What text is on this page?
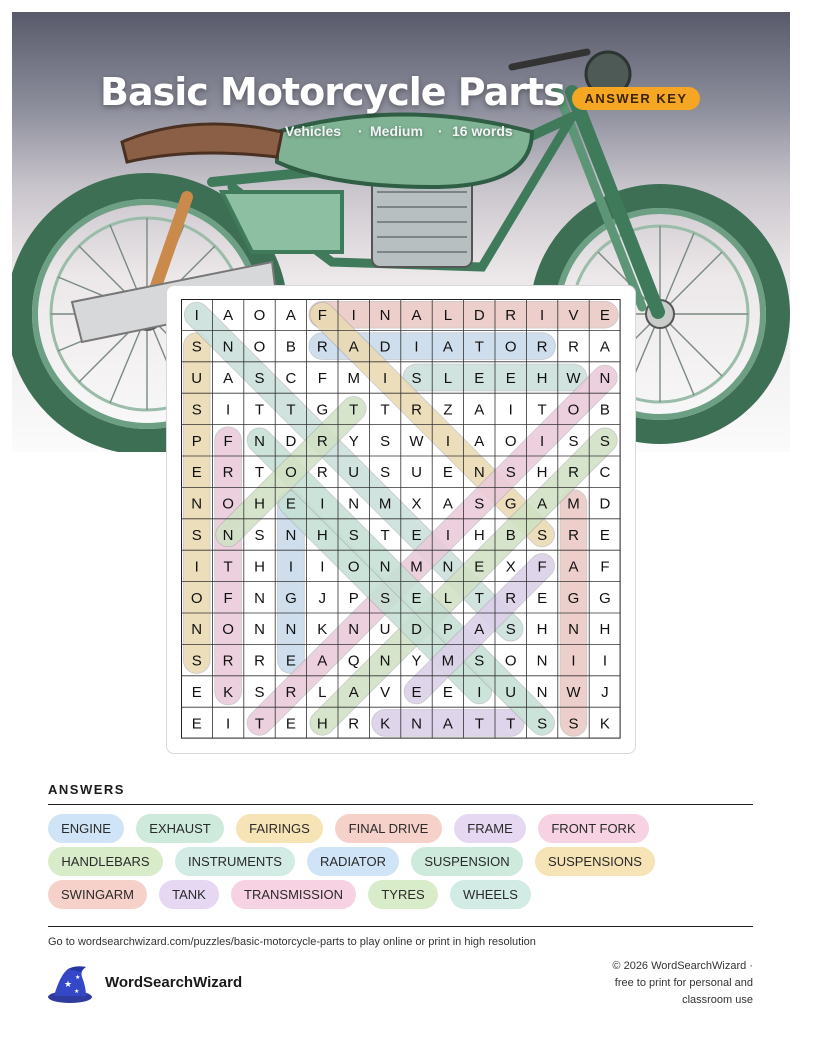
Basic Motorcycle Parts	ANSWER KEY
Vehicles · Medium · 16 words
I A O A F I N A L D R I V E
S N O B R A D I A T O R R A
U A S C F M I S L E E H W N
S I T T G T T R Z A I T O B
P F N D R Y S W I A O I S S
E R T O R U S U E N S H R C
N O H E I N M X A S G A M D
S N S N H S T E I H B S R E
I T H I I O N M N E X F A F
O F N G J P S E L T R E G G
N O N N K N U D P A S H N H
S R R E A Q N Y M S O N I I
E K S R L A V E E I U N W J
E I T E H R K N A T T S S K
ANSWERS
ENGINE	EXHAUST	FAIRINGS	FINAL DRIVE	FRAME	FRONT FORK
HANDLEBARS	INSTRUMENTS	RADIATOR	SUSPENSION	SUSPENSIONS
SWINGARM	TANK	TRANSMISSION	TYRES	WHEELS
Go to wordsearchwizard.com/puzzles/basic-motorcycle-parts to play online or print in high resolution
★
★
★ WordSearchWizard
© 2026 WordSearchWizard ·
free to print for personal and
classroom use
